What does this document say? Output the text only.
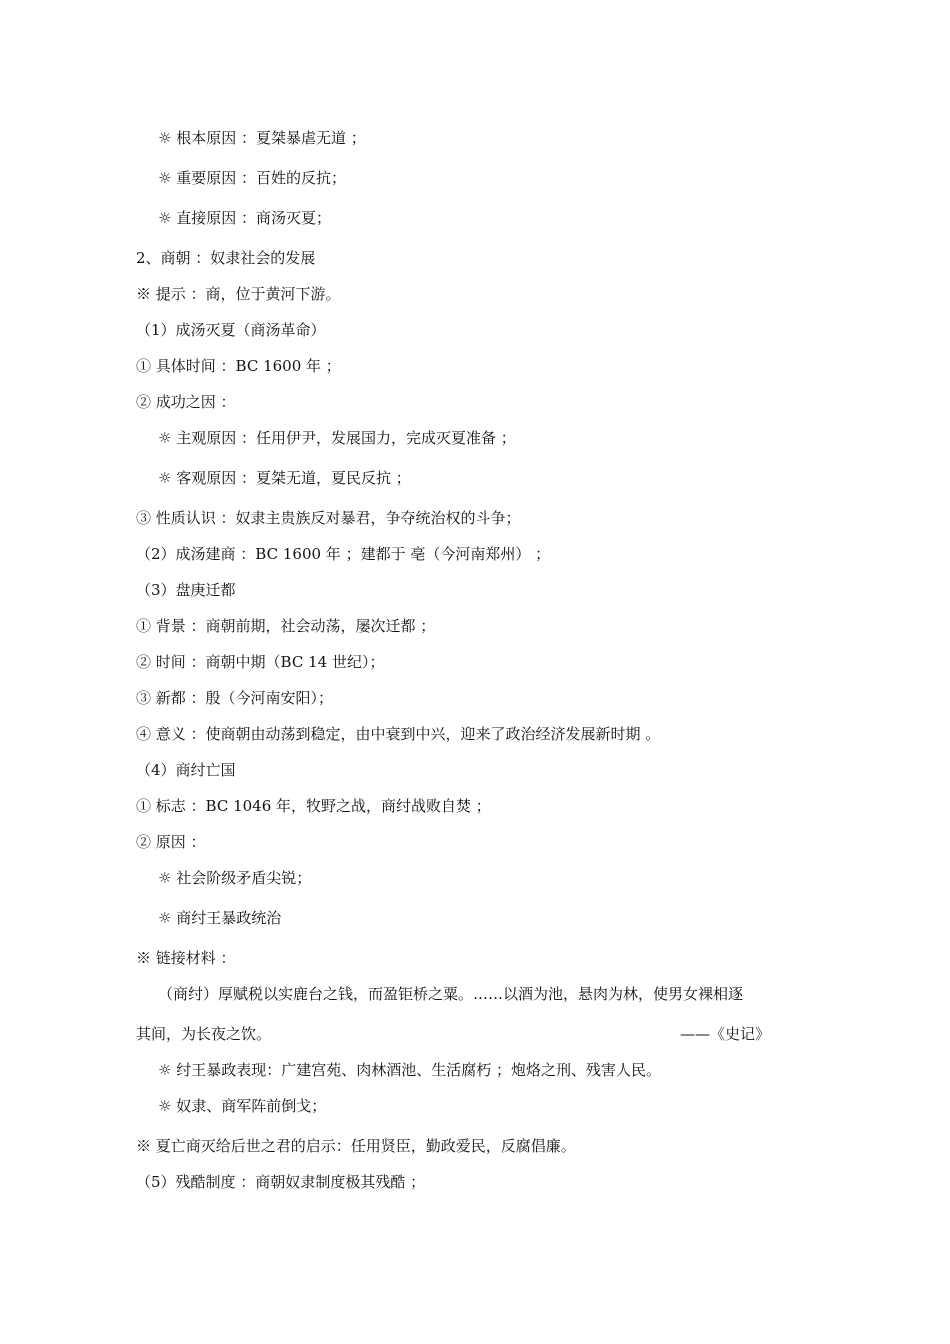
☼ 根本原因 ：夏桀暴虐无道 ；
☼ 重要原因 ：百姓的反抗；
☼ 直接原因 ：商汤灭夏；
2、商朝 ：奴隶社会的发展
※ 提示 ：商，位于黄河下游。
（1）成汤灭夏（商汤革命）
① 具体时间 ：BC 1600 年 ；
② 成功之因 ：
☼ 主观原因 ：任用伊尹，发展国力，完成灭夏准备 ；
☼ 客观原因 ：夏桀无道，夏民反抗 ；
③ 性质认识 ：奴隶主贵族反对暴君，争夺统治权的斗争；
（2）成汤建商 ：BC 1600 年 ；建都于 亳（今河南郑州） ；
（3）盘庚迁都
① 背景 ：商朝前期，社会动荡，屡次迁都 ；
② 时间 ：商朝中期（BC 14 世纪）；
③ 新都 ：殷（今河南安阳）；
④ 意义 ：使商朝由动荡到稳定，由中衰到中兴，迎来了政治经济发展新时期 。
（4）商纣亡国
① 标志 ：BC 1046 年，牧野之战，商纣战败自焚 ；
② 原因 ：
☼ 社会阶级矛盾尖锐；
☼ 商纣王暴政统治
※ 链接材料 ：
（商纣）厚赋税以实鹿台之钱，而盈钜桥之粟。……以酒为池，悬肉为林，使男女裸相逐
其间，为长夜之饮。	——《史记》
☼ 纣王暴政表现：广建宫苑、肉林酒池、生活腐朽 ；炮烙之刑、残害人民。
☼ 奴隶、商军阵前倒戈；
※ 夏亡商灭给后世之君的启示：任用贤臣，勤政爱民，反腐倡廉。
（5）残酷制度 ：商朝奴隶制度极其残酷 ；
